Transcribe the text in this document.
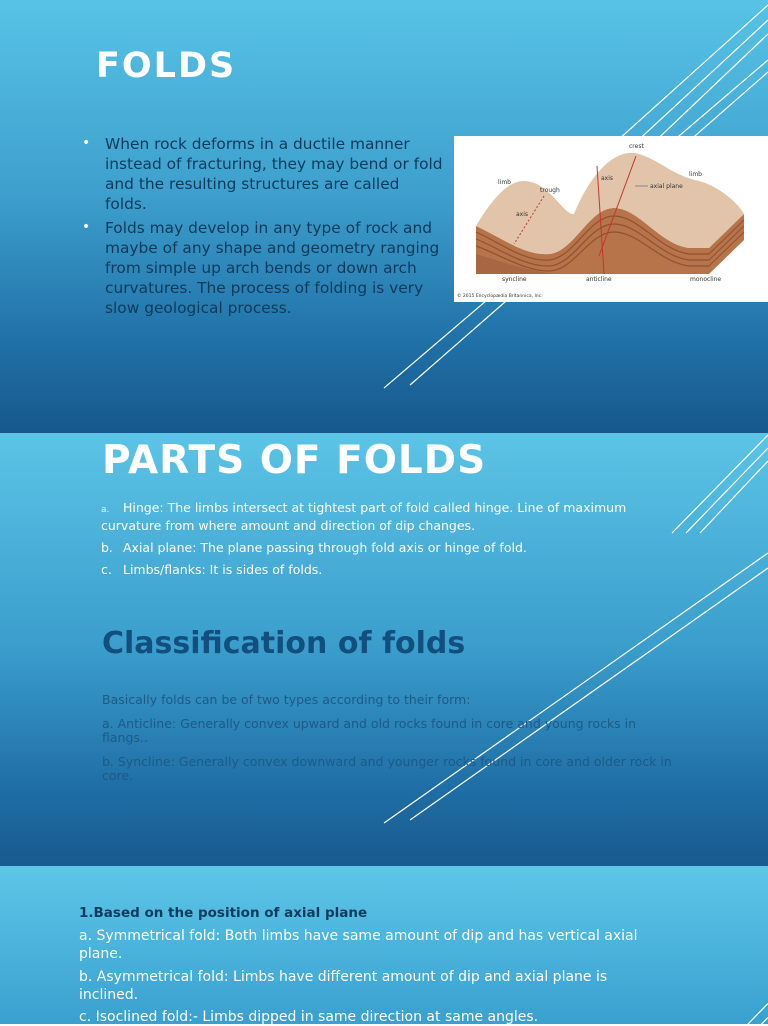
FOLDS
• When rock deforms in a ductile manner instead of fracturing, they may bend or fold and the resulting structures are called folds.
• Folds may develop in any type of rock and maybe of any shape and geometry ranging from simple up arch bends or down arch curvatures. The process of folding is very slow geological process.
crest
limb
limb
trough
axis
axis
axial plane
syncline	anticline	monocline
© 2015 Encyclopædia Britannica, Inc.
PARTS OF FOLDS
a. Hinge: The limbs intersect at tightest part of fold called hinge. Line of maximum curvature from where amount and direction of dip changes.
b. Axial plane: The plane passing through fold axis or hinge of fold.
c. Limbs/flanks: It is sides of folds.
Classification of folds

Basically folds can be of two types according to their form:

a. Anticline: Generally convex upward and old rocks found in core and young rocks in flangs..

b. Syncline: Generally convex downward and younger rocks found in core and older rock in core.

1.Based on the position of axial plane

a. Symmetrical fold: Both limbs have same amount of dip and has vertical axial plane.

b. Asymmetrical fold: Limbs have different amount of dip and axial plane is inclined.

c. Isoclined fold:- Limbs dipped in same direction at same angles.
